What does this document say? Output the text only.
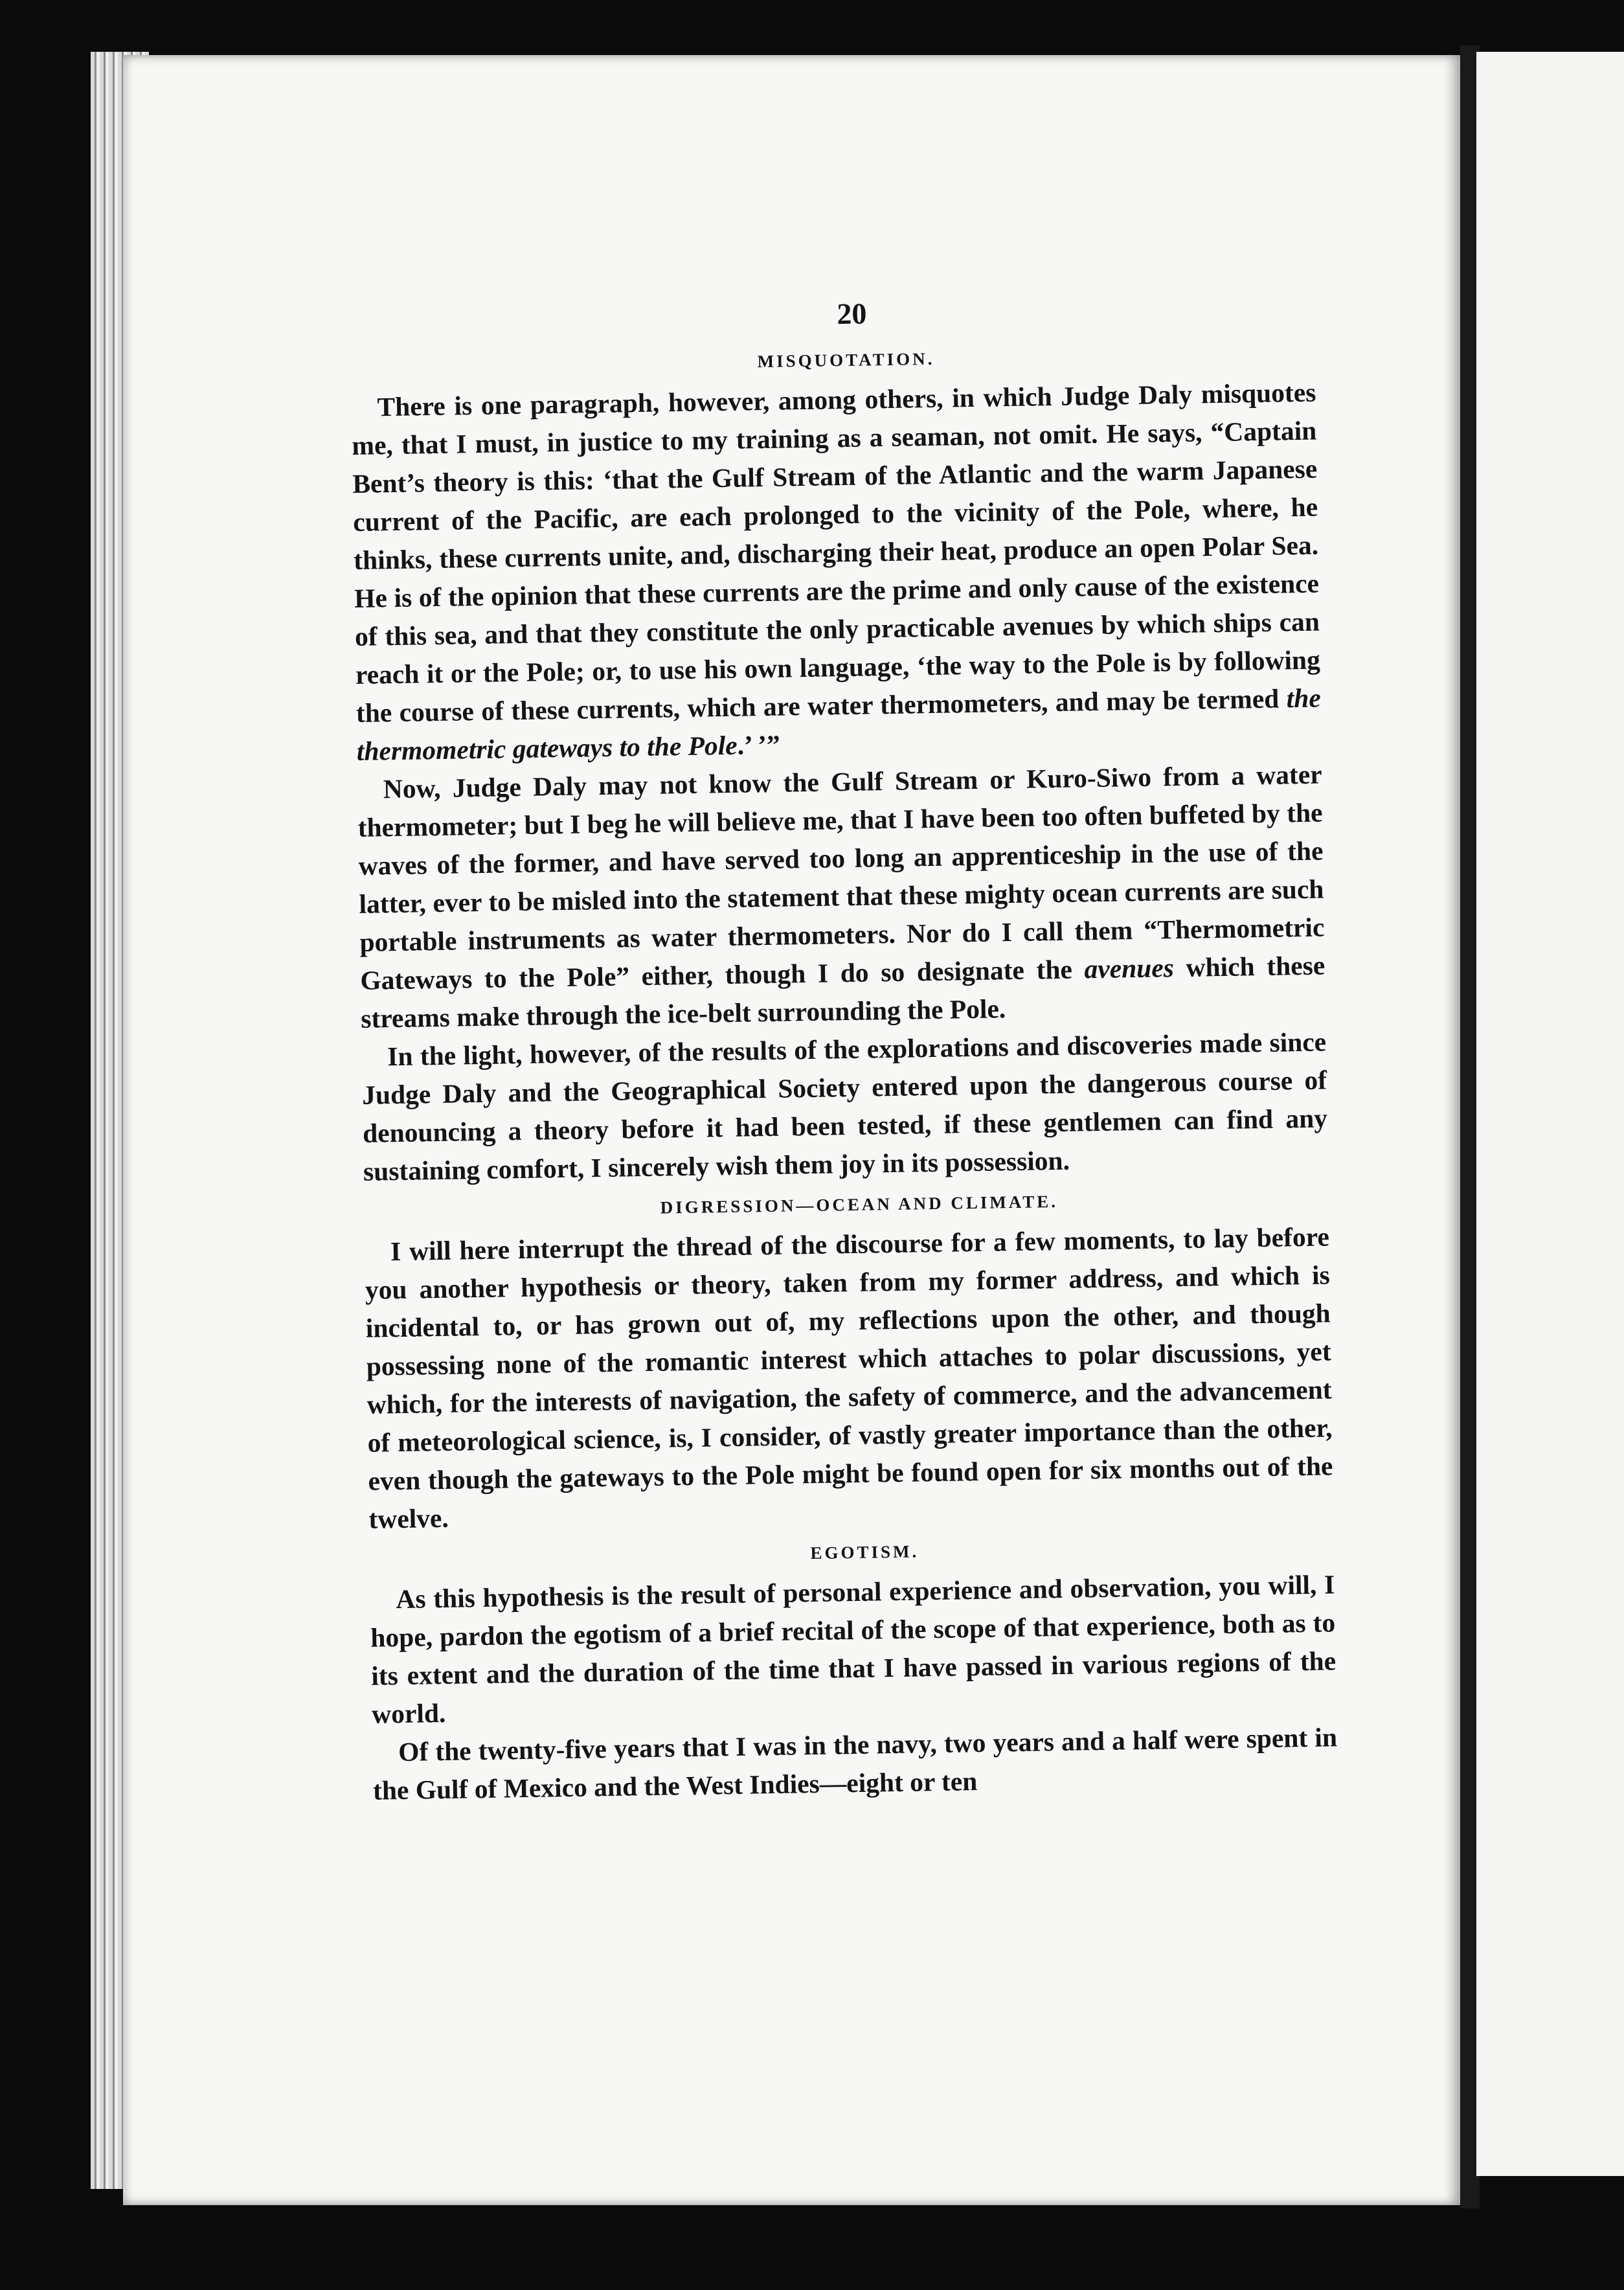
20
MISQUOTATION.

There is one paragraph, however, among others, in which Judge Daly misquotes me, that I must, in justice to my training as a seaman, not omit. He says, “Captain Bent’s theory is this: ‘that the Gulf Stream of the Atlantic and the warm Japanese current of the Pacific, are each prolonged to the vicinity of the Pole, where, he thinks, these currents unite, and, discharging their heat, produce an open Polar Sea. He is of the opinion that these currents are the prime and only cause of the existence of this sea, and that they constitute the only practicable avenues by which ships can reach it or the Pole; or, to use his own language, ‘the way to the Pole is by following the course of these currents, which are water thermometers, and may be termed the thermometric gateways to the Pole.’ ’”

Now, Judge Daly may not know the Gulf Stream or Kuro-Siwo from a water thermometer; but I beg he will believe me, that I have been too often buffeted by the waves of the former, and have served too long an apprenticeship in the use of the latter, ever to be misled into the statement that these mighty ocean currents are such portable instruments as water thermometers. Nor do I call them “Thermometric Gateways to the Pole” either, though I do so designate the avenues which these streams make through the ice-belt surrounding the Pole.

In the light, however, of the results of the explorations and discoveries made since Judge Daly and the Geographical Society entered upon the dangerous course of denouncing a theory before it had been tested, if these gentlemen can find any sustaining comfort, I sincerely wish them joy in its possession.

DIGRESSION—OCEAN AND CLIMATE.

I will here interrupt the thread of the discourse for a few moments, to lay before you another hypothesis or theory, taken from my former address, and which is incidental to, or has grown out of, my reflections upon the other, and though possessing none of the romantic interest which attaches to polar discussions, yet which, for the interests of navigation, the safety of commerce, and the advancement of meteorological science, is, I consider, of vastly greater importance than the other, even though the gateways to the Pole might be found open for six months out of the twelve.

EGOTISM.

As this hypothesis is the result of personal experience and observation, you will, I hope, pardon the egotism of a brief recital of the scope of that experience, both as to its extent and the duration of the time that I have passed in various regions of the world.

Of the twenty-five years that I was in the navy, two years and a half were spent in the Gulf of Mexico and the West Indies—eight or ten
